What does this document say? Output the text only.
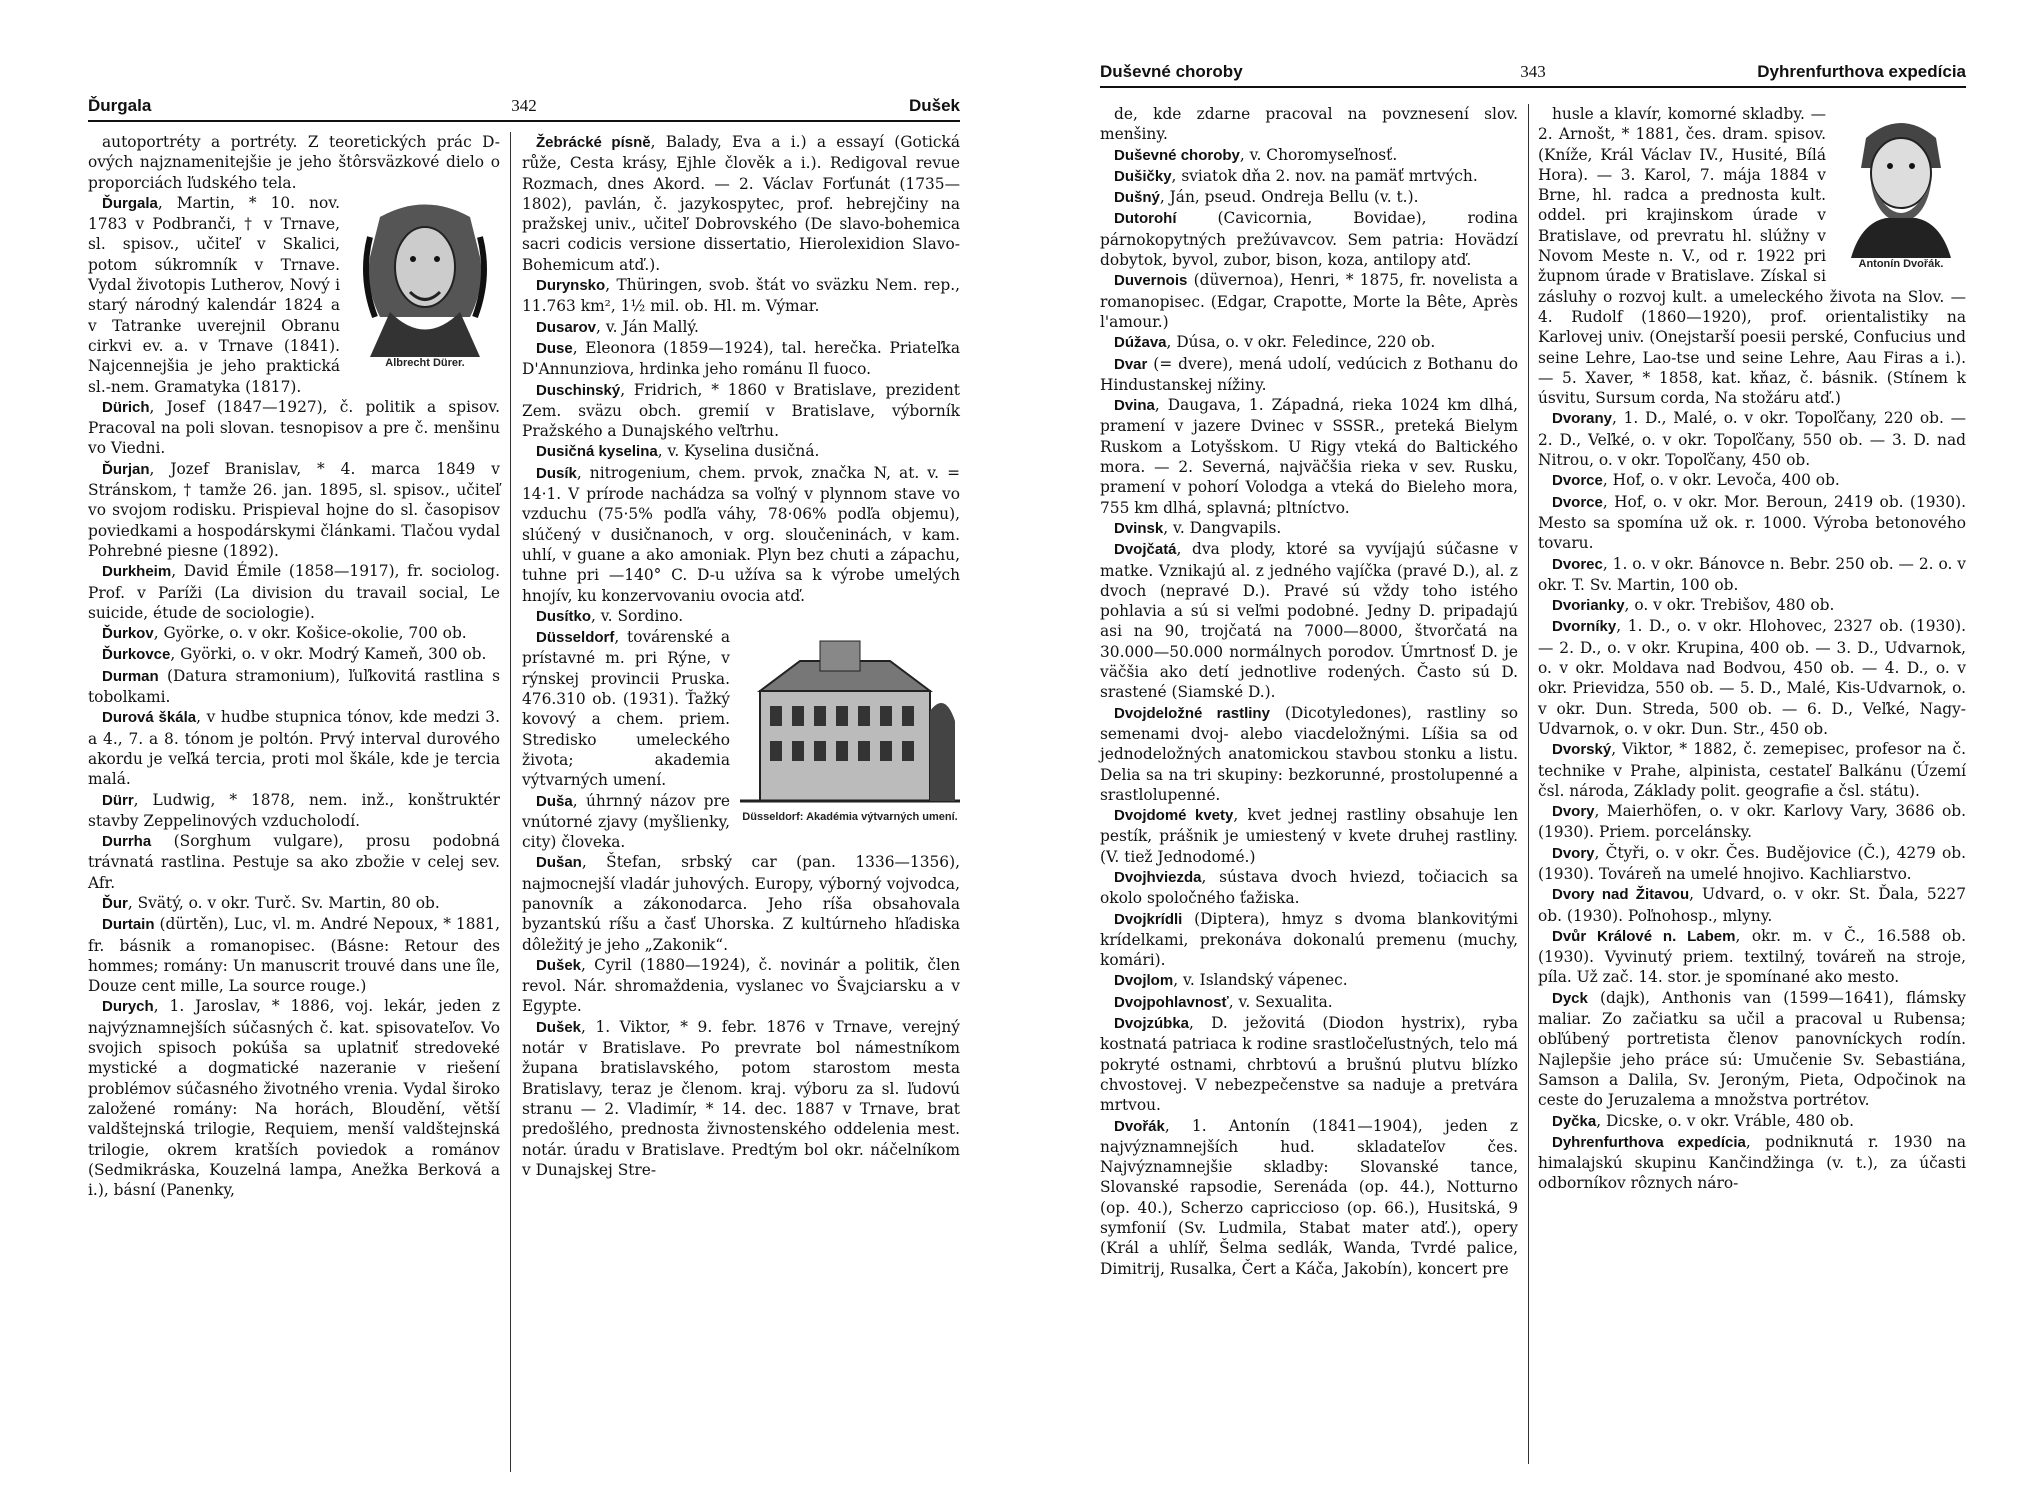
Ďurgala	342	Dušek

autoportréty a portréty. Z teoretických prác D-ových najznamenitejšie je jeho štôrsväzkové dielo o proporciách ľudského tela.

Albrecht Dürer.

Ďurgala, Martin, * 10. nov. 1783 v Podbranči, † v Trnave, sl. spisov., učiteľ v Skalici, potom súkromník v Trnave. Vydal životopis Lutherov, Nový i starý národný kalendár 1824 a v Tatranke uverejnil Obranu cirkvi ev. a. v Trnave (1841). Najcennejšia je jeho praktická sl.-nem. Gramatyka (1817).

Dürich, Josef (1847—1927), č. politik a spisov. Pracoval na poli slovan. tesnopisov a pre č. menšinu vo Viedni.

Ďurjan, Jozef Branislav, * 4. marca 1849 v Stránskom, † tamže 26. jan. 1895, sl. spisov., učiteľ vo svojom rodisku. Prispieval hojne do sl. časopisov poviedkami a hospodárskymi článkami. Tlačou vydal Pohrebné piesne (1892).

Durkheim, David Émile (1858—1917), fr. sociolog. Prof. v Paríži (La division du travail social, Le suicide, étude de sociologie).

Ďurkov, Györke, o. v okr. Košice-okolie, 700 ob.

Ďurkovce, Györki, o. v okr. Modrý Kameň, 300 ob.

Durman (Datura stramonium), ľuľkovitá rastlina s tobolkami.

Durová škála, v hudbe stupnica tónov, kde medzi 3. a 4., 7. a 8. tónom je poltón. Prvý interval durového akordu je veľká tercia, proti mol škále, kde je tercia malá.

Dürr, Ludwig, * 1878, nem. inž., konštruktér stavby Zeppelinových vzducholodí.

Durrha (Sorghum vulgare), prosu podobná trávnatá rastlina. Pestuje sa ako zbožie v celej sev. Afr.

Ďur, Svätý, o. v okr. Turč. Sv. Martin, 80 ob.

Durtain (dürtěn), Luc, vl. m. André Nepoux, * 1881, fr. básnik a romanopisec. (Básne: Retour des hommes; romány: Un manuscrit trouvé dans une île, Douze cent mille, La source rouge.)

Durych, 1. Jaroslav, * 1886, voj. lekár, jeden z najvýznamnejších súčasných č. kat. spisovateľov. Vo svojich spisoch pokúša sa uplatniť stredoveké mystické a dogmatické nazeranie v riešení problémov súčasného životného vrenia. Vydal široko založené romány: Na horách, Bloudění, větší valdštejnská trilogie, Requiem, menší valdštejnská trilogie, okrem kratších poviedok a románov (Sedmikráska, Kouzelná lampa, Anežka Berková a i.), básní (Panenky,

Žebrácké písně, Balady, Eva a i.) a essayí (Gotická růže, Cesta krásy, Ejhle člověk a i.). Redigoval revue Rozmach, dnes Akord. — 2. Václav Forťunát (1735—1802), pavlán, č. jazykospytec, prof. hebrejčiny na pražskej univ., učiteľ Dobrovského (De slavo-bohemica sacri codicis versione dissertatio, Hierolexidion Slavo-Bohemicum atď.).

Durynsko, Thüringen, svob. štát vo sväzku Nem. rep., 11.763 km², 1½ mil. ob. Hl. m. Výmar.

Dusarov, v. Ján Mallý.

Duse, Eleonora (1859—1924), tal. herečka. Priateľka D'Annunziova, hrdinka jeho románu Il fuoco.

Duschinský, Fridrich, * 1860 v Bratislave, prezident Zem. sväzu obch. gremií v Bratislave, výborník Pražského a Dunajského veľtrhu.

Dusičná kyselina, v. Kyselina dusičná.

Dusík, nitrogenium, chem. prvok, značka N, at. v. = 14·1. V prírode nachádza sa voľný v plynnom stave vo vzduchu (75·5% podľa váhy, 78·06% podľa objemu), slúčený v dusičnanoch, v org. sloučeninách, v kam. uhlí, v guane a ako amoniak. Plyn bez chuti a zápachu, tuhne pri —140° C. D-u užíva sa k výrobe umelých hnojív, ku konzervovaniu ovocia atď.

Dusítko, v. Sordino.

Düsseldorf: Akadémia výtvarných umení.

Düsseldorf, továrenské a prístavné m. pri Rýne, v rýnskej provincii Pruska. 476.310 ob. (1931). Ťažký kovový a chem. priem. Stredisko umeleckého života; akademia výtvarných umení.

Duša, úhrnný názov pre vnútorné zjavy (myšlienky, city) človeka.

Dušan, Štefan, srbský car (pan. 1336—1356), najmocnejší vladár juhových. Europy, výborný vojvodca, panovník a zákonodarca. Jeho ríša obsahovala byzantskú ríšu a časť Uhorska. Z kultúrneho hľadiska dôležitý je jeho „Zakonik“.

Dušek, Cyril (1880—1924), č. novinár a politik, člen revol. Nár. shromaždenia, vyslanec vo Švajciarsku a v Egypte.

Dušek, 1. Viktor, * 9. febr. 1876 v Trnave, verejný notár v Bratislave. Po prevrate bol námestníkom župana bratislavského, potom starostom mesta Bratislavy, teraz je členom. kraj. výboru za sl. ľudovú stranu — 2. Vladimír, * 14. dec. 1887 v Trnave, brat predošlého, prednosta živnostenského oddelenia mest. notár. úradu v Bratislave. Predtým bol okr. náčelníkom v Dunajskej Stre-

Duševné choroby	343	Dyhrenfurthova expedícia

de, kde zdarne pracoval na povznesení slov. menšiny.

Duševné choroby, v. Choromyseľnosť.

Dušičky, sviatok dňa 2. nov. na pamäť mrtvých.

Dušný, Ján, pseud. Ondreja Bellu (v. t.).

Dutorohí (Cavicornia, Bovidae), rodina párnokopytných prežúvavcov. Sem patria: Hovädzí dobytok, byvol, zubor, bison, koza, antilopy atď.

Duvernois (düvernoa), Henri, * 1875, fr. novelista a romanopisec. (Edgar, Crapotte, Morte la Bête, Après l'amour.)

Dúžava, Dúsa, o. v okr. Feledince, 220 ob.

Dvar (= dvere), mená udolí, vedúcich z Bothanu do Hindustanskej nížiny.

Dvina, Daugava, 1. Západná, rieka 1024 km dlhá, pramení v jazere Dvinec v SSSR., preteká Bielym Ruskom a Lotyšskom. U Rigy vteká do Baltického mora. — 2. Severná, najväčšia rieka v sev. Rusku, pramení v pohorí Volodga a vteká do Bieleho mora, 755 km dlhá, splavná; pltníctvo.

Dvinsk, v. Dangvapils.

Dvojčatá, dva plody, ktoré sa vyvíjajú súčasne v matke. Vznikajú al. z jedného vajíčka (pravé D.), al. z dvoch (nepravé D.). Pravé sú vždy toho istého pohlavia a sú si veľmi podobné. Jedny D. pripadajú asi na 90, trojčatá na 7000—8000, štvorčatá na 30.000—50.000 normálnych porodov. Úmrtnosť D. je väčšia ako detí jednotlive rodených. Často sú D. srastené (Siamské D.).

Dvojdeložné rastliny (Dicotyledones), rastliny so semenami dvoj- alebo viacdeložnými. Líšia sa od jednodeložných anatomickou stavbou stonku a listu. Delia sa na tri skupiny: bezkorunné, prostolupenné a srastlolupenné.

Dvojdomé kvety, kvet jednej rastliny obsahuje len pestík, prášnik je umiestený v kvete druhej rastliny. (V. tiež Jednodomé.)

Dvojhviezda, sústava dvoch hviezd, točiacich sa okolo spoločného ťažiska.

Dvojkrídli (Diptera), hmyz s dvoma blankovitými krídelkami, prekonáva dokonalú premenu (muchy, komári).

Dvojlom, v. Islandský vápenec.

Dvojpohlavnosť, v. Sexualita.

Dvojzúbka, D. ježovitá (Diodon hystrix), ryba kostnatá patriaca k rodine srastločeľustných, telo má pokryté ostnami, chrbtovú a brušnú plutvu blízko chvostovej. V nebezpečenstve sa naduje a pretvára mrtvou.

Dvořák, 1. Antonín (1841—1904), jeden z najvýznamnejších hud. skladateľov čes. Najvýznamnejšie skladby: Slovanské tance, Slovanské rapsodie, Serenáda (op. 44.), Notturno (op. 40.), Scherzo capriccioso (op. 66.), Husitská, 9 symfonií (Sv. Ludmila, Stabat mater atď.), opery (Král a uhlíř, Šelma sedlák, Wanda, Tvrdé palice, Dimitrij, Rusalka, Čert a Káča, Jakobín), koncert pre

Antonín Dvořák.

husle a klavír, komorné skladby. — 2. Arnošt, * 1881, čes. dram. spisov. (Kníže, Král Václav IV., Husité, Bílá Hora). — 3. Karol, 7. mája 1884 v Brne, hl. radca a prednosta kult. oddel. pri krajinskom úrade v Bratislave, od prevratu hl. slúžny v Novom Meste n. V., od r. 1922 pri župnom úrade v Bratislave. Získal si zásluhy o rozvoj kult. a umeleckého života na Slov. — 4. Rudolf (1860—1920), prof. orientalistiky na Karlovej univ. (Onejstarší poesii perské, Confucius und seine Lehre, Lao-tse und seine Lehre, Aau Firas a i.). — 5. Xaver, * 1858, kat. kňaz, č. básnik. (Stínem k úsvitu, Sursum corda, Na stožáru atď.)

Dvorany, 1. D., Malé, o. v okr. Topoľčany, 220 ob. — 2. D., Veľké, o. v okr. Topoľčany, 550 ob. — 3. D. nad Nitrou, o. v okr. Topoľčany, 450 ob.

Dvorce, Hof, o. v okr. Levoča, 400 ob.

Dvorce, Hof, o. v okr. Mor. Beroun, 2419 ob. (1930). Mesto sa spomína už ok. r. 1000. Výroba betonového tovaru.

Dvorec, 1. o. v okr. Bánovce n. Bebr. 250 ob. — 2. o. v okr. T. Sv. Martin, 100 ob.

Dvorianky, o. v okr. Trebišov, 480 ob.

Dvorníky, 1. D., o. v okr. Hlohovec, 2327 ob. (1930). — 2. D., o. v okr. Krupina, 400 ob. — 3. D., Udvarnok, o. v okr. Moldava nad Bodvou, 450 ob. — 4. D., o. v okr. Prievidza, 550 ob. — 5. D., Malé, Kis-Udvarnok, o. v okr. Dun. Streda, 500 ob. — 6. D., Veľké, Nagy-Udvarnok, o. v okr. Dun. Str., 450 ob.

Dvorský, Viktor, * 1882, č. zemepisec, profesor na č. technike v Prahe, alpinista, cestateľ Balkánu (Území čsl. národa, Základy polit. geografie a čsl. státu).

Dvory, Maierhöfen, o. v okr. Karlovy Vary, 3686 ob. (1930). Priem. porcelánsky.

Dvory, Čtyři, o. v okr. Čes. Budějovice (Č.), 4279 ob. (1930). Továreň na umelé hnojivo. Kachliarstvo.

Dvory nad Žitavou, Udvard, o. v okr. St. Ďala, 5227 ob. (1930). Poľnohosp., mlyny.

Dvůr Králové n. Labem, okr. m. v Č., 16.588 ob. (1930). Vyvinutý priem. textilný, továreň na stroje, píla. Už zač. 14. stor. je spomínané ako mesto.

Dyck (dajk), Anthonis van (1599—1641), flámsky maliar. Zo začiatku sa učil a pracoval u Rubensa; obľúbený portretista členov panovníckych rodín. Najlepšie jeho práce sú: Umučenie Sv. Sebastiána, Samson a Dalila, Sv. Jeroným, Pieta, Odpočinok na ceste do Jeruzalema a množstva portrétov.

Dyčka, Dicske, o. v okr. Vráble, 480 ob.

Dyhrenfurthova expedícia, podniknutá r. 1930 na himalajskú skupinu Kančindžinga (v. t.), za účasti odborníkov rôznych náro-
